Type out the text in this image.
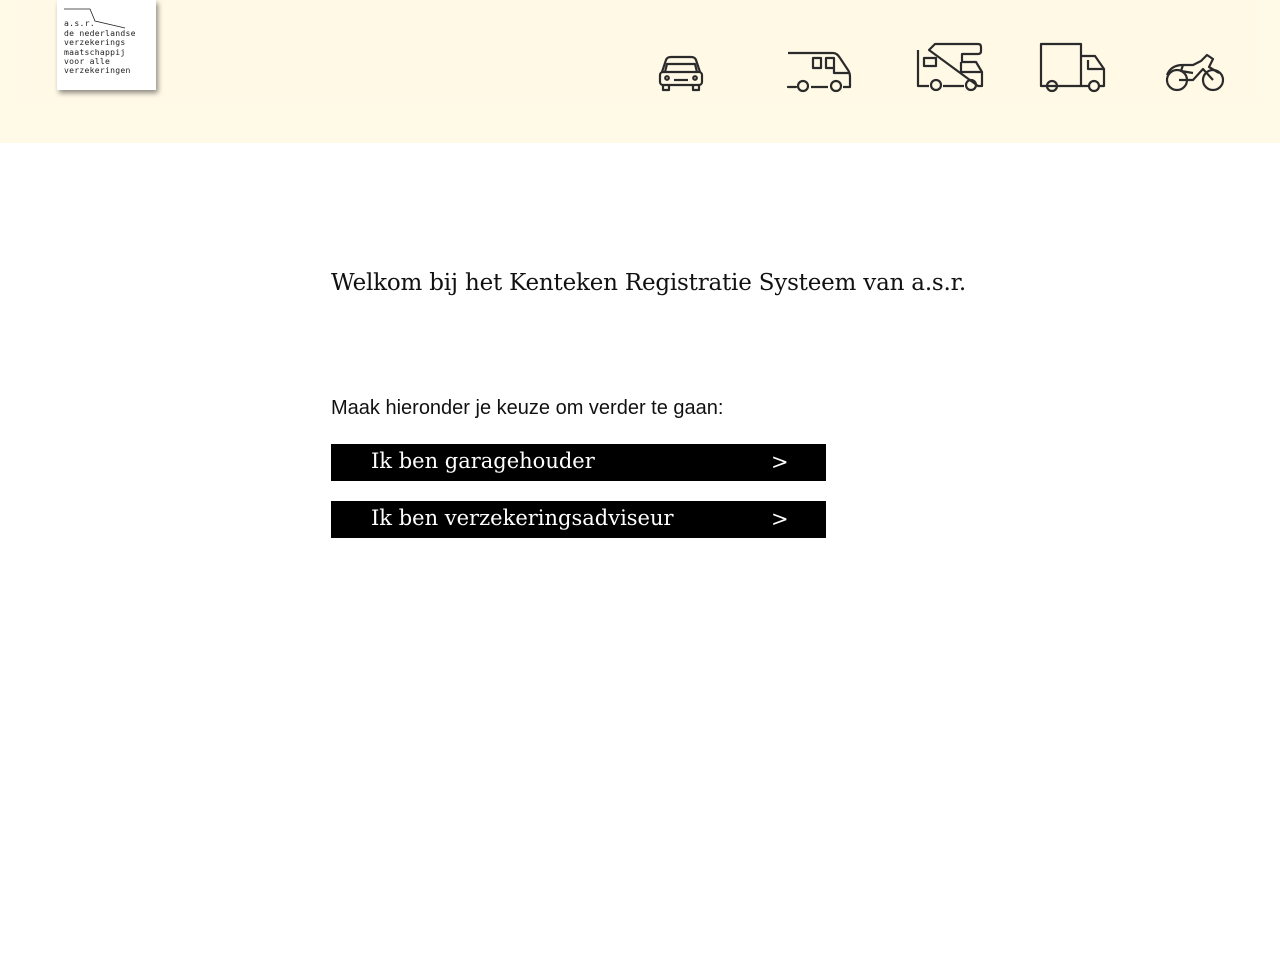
a.s.r.
de nederlandse
verzekerings
maatschappij
voor alle
verzekeringen
Welkom bij het Kenteken Registratie Systeem van a.s.r.
Maak hieronder je keuze om verder te gaan:
Ik ben garagehouder	>
Ik ben verzekeringsadviseur	>
